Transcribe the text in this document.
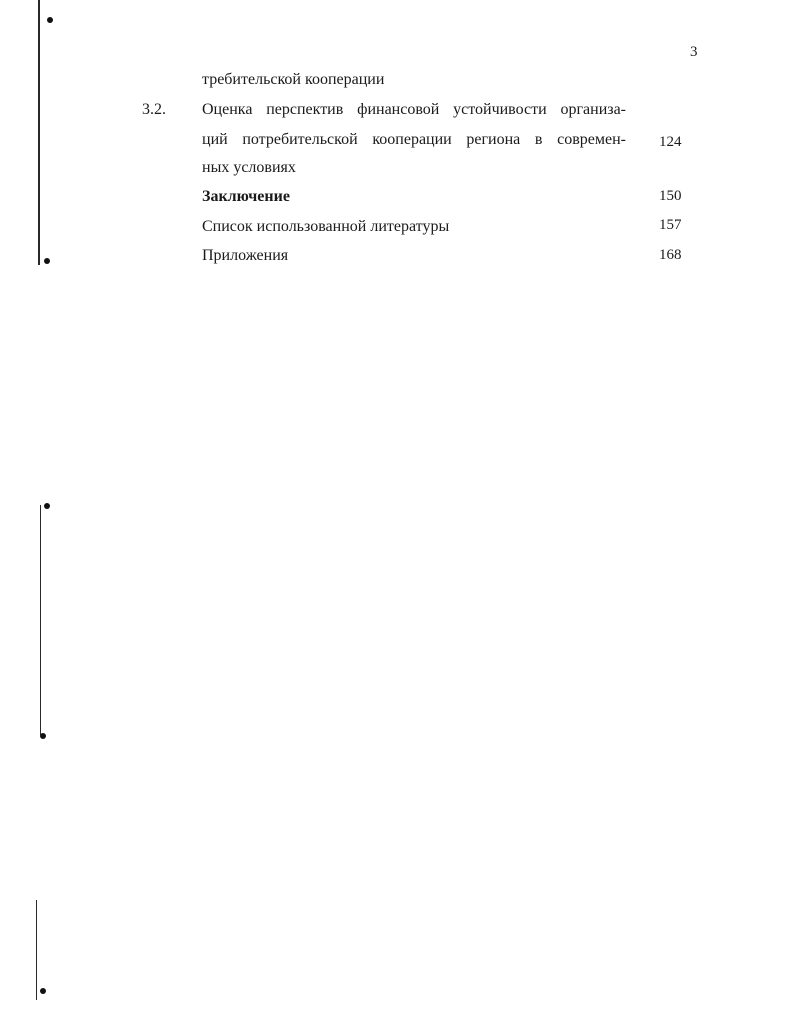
3
требительской кооперации
3.2. Оценка перспектив финансовой устойчивости организа-
ций потребительской кооперации региона в современ- 124
ных условиях
Заключение	150
Список использованной литературы	157
Приложения	168
